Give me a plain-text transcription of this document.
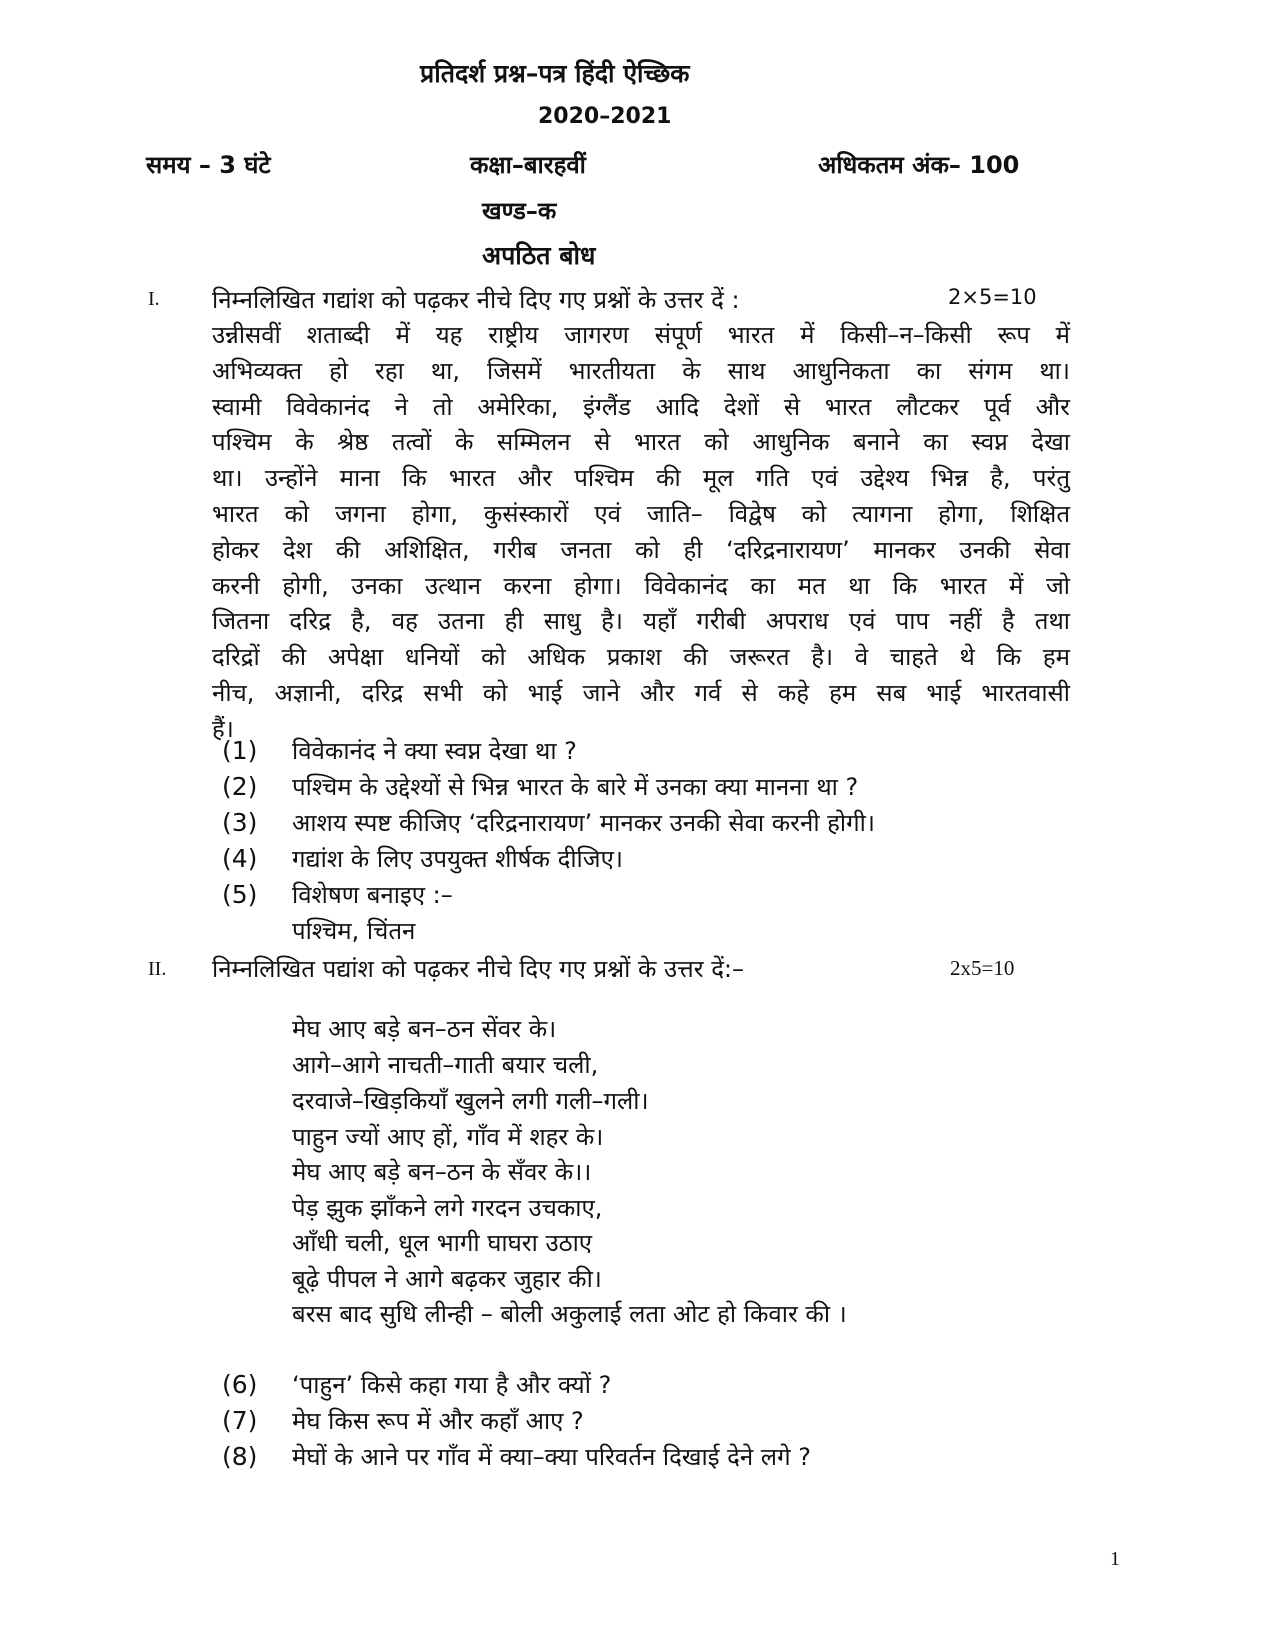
प्रतिदर्श प्रश्न–पत्र हिंदी ऐच्छिक
2020–2021
समय – 3 घंटे	कक्षा–बारहवीं	अधिकतम अंक– 100
खण्ड–क
अपठित बोध
I. निम्नलिखित गद्यांश को पढ़कर नीचे दिए गए प्रश्नों के उत्तर दें :	2×5=10
उन्नीसवीं शताब्दी में यह राष्ट्रीय जागरण संपूर्ण भारत में किसी–न–किसी रूप में
अभिव्यक्त हो रहा था, जिसमें भारतीयता के साथ आधुनिकता का संगम था।
स्वामी विवेकानंद ने तो अमेरिका, इंग्लैंड आदि देशों से भारत लौटकर पूर्व और
पश्चिम के श्रेष्ठ तत्वों के सम्मिलन से भारत को आधुनिक बनाने का स्वप्न देखा
था। उन्होंने माना कि भारत और पश्चिम की मूल गति एवं उद्देश्य भिन्न है, परंतु
भारत को जगना होगा, कुसंस्कारों एवं जाति– विद्वेष को त्यागना होगा, शिक्षित
होकर देश की अशिक्षित, गरीब जनता को ही ‘दरिद्रनारायण’ मानकर उनकी सेवा
करनी होगी, उनका उत्थान करना होगा। विवेकानंद का मत था कि भारत में जो
जितना दरिद्र है, वह उतना ही साधु है। यहाँ गरीबी अपराध एवं पाप नहीं है तथा
दरिद्रों की अपेक्षा धनियों को अधिक प्रकाश की जरूरत है। वे चाहते थे कि हम
नीच, अज्ञानी, दरिद्र सभी को भाई जाने और गर्व से कहे हम सब भाई भारतवासी
हैं।
(1) विवेकानंद ने क्या स्वप्न देखा था ?
(2) पश्चिम के उद्देश्यों से भिन्न भारत के बारे में उनका क्या मानना था ?
(3) आशय स्पष्ट कीजिए ‘दरिद्रनारायण’ मानकर उनकी सेवा करनी होगी।
(4) गद्यांश के लिए उपयुक्त शीर्षक दीजिए।
(5) विशेषण बनाइए :–
पश्चिम, चिंतन
II. निम्नलिखित पद्यांश को पढ़कर नीचे दिए गए प्रश्नों के उत्तर दें:–	2x5=10
मेघ आए बड़े बन–ठन सेंवर के।
आगे–आगे नाचती–गाती बयार चली,
दरवाजे–खिड़कियाँ खुलने लगी गली–गली।
पाहुन ज्यों आए हों, गाँव में शहर के।
मेघ आए बड़े बन–ठन के सँवर के।।
पेड़ झुक झाँकने लगे गरदन उचकाए,
आँधी चली, धूल भागी घाघरा उठाए
बूढ़े पीपल ने आगे बढ़कर जुहार की।
बरस बाद सुधि लीन्ही – बोली अकुलाई लता ओट हो किवार की ।
(6) ‘पाहुन’ किसे कहा गया है और क्यों ?
(7) मेघ किस रूप में और कहाँ आए ?
(8) मेघों के आने पर गाँव में क्या–क्या परिवर्तन दिखाई देने लगे ?
1
